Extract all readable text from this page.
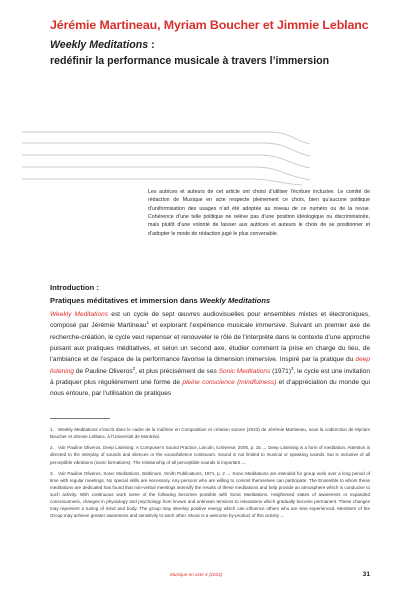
Jérémie Martineau, Myriam Boucher et Jimmie Leblanc
Weekly Meditations :
redéfinir la performance musicale à travers l’immersion

Les autrices et auteurs de cet article ont choisi d’utiliser l’écriture inclusive. Le comité de rédaction de Musique en acte respecte pleinement ce choix, bien qu’aucune politique d’uniformisation des usages n’ait été adoptée au niveau de ce numéro ou de la revue. Cohérence d’une telle politique ne relève pas d’une position idéologique ou discriminatoire, mais plutôt d’une volonté de laisser aux autrices et auteurs le choix de se positionner et d’adopter le mode de rédaction jugé le plus convenable.

Introduction :
Pratiques méditatives et immersion dans Weekly Meditations

Weekly Meditations est un cycle de sept œuvres audiovisuelles pour ensembles mixtes et électroniques, composé par Jérémie Martineau$^1$ et explorant l’expérience musicale immersive. Suivant un premier axe de recherche-création, le cycle veut repenser et renouveler le rôle de l’interprète dans le contexte d’une approche puisant aux pratiques méditatives, et selon un second axe, étudier comment la prise en charge du lieu, de l’ambiance et de l’espace de la performance favorise la dimension immersive. Inspiré par la pratique du deep listening de Pauline Oliveros$^2$, et plus précisément de ses Sonic Meditations $(1971)^3$, le cycle est une invitation à pratiquer plus régulièrement une forme de pleine conscience (mindfulness) et d’appréciation du monde qui nous entoure, par l’utilisation de pratiques

1. Weekly Meditations s’inscrit dans le cadre de la maîtrise en Composition et création sonore (2023) de Jérémie Martineau, sous la codirection de Myriam Boucher et Jimmie Leblanc, à l’Université de Montréal.
2. Voir Pauline Oliveros, Deep Listening: A Composer’s Sound Practice, Lincoln, iUniverse, 2005, p. 15 → Deep Listening is a form of meditation. Attention is directed to the interplay of sounds and silences or the sound/silence continuum. Sound is not limited to musical or speaking sounds, but is inclusive of all perceptible vibrations (sonic formations). The relationship of all perceptible sounds is important ←
3. Voir Pauline Oliveros, Sonic Meditations, Baltimore, Smith Publications, 1971, p. 2 → Sonic Meditations are intended for group work over a long period of time with regular meetings. No special skills are necessary. Any persons who are willing to commit themselves can participate. The Ensemble to whom these meditations are dedicated has found that non-verbal meetings intensify the results of these meditations and help provide an atmosphere which is conducive to such activity. With continuous work some of the following becomes possible with Sonic Meditations. Heightened states of awareness or expanded consciousness, changes in physiology and psychology from known and unknown tensions to relaxations which gradually become permanent. These changes may represent a tuning of mind and body. The group may develop positive energy which can influence others who are less experienced. Members of the Group may achieve greater awareness and sensitivity to each other. Music is a welcome by-product of this activity ←
Musique en acte 4 (2023)	31
